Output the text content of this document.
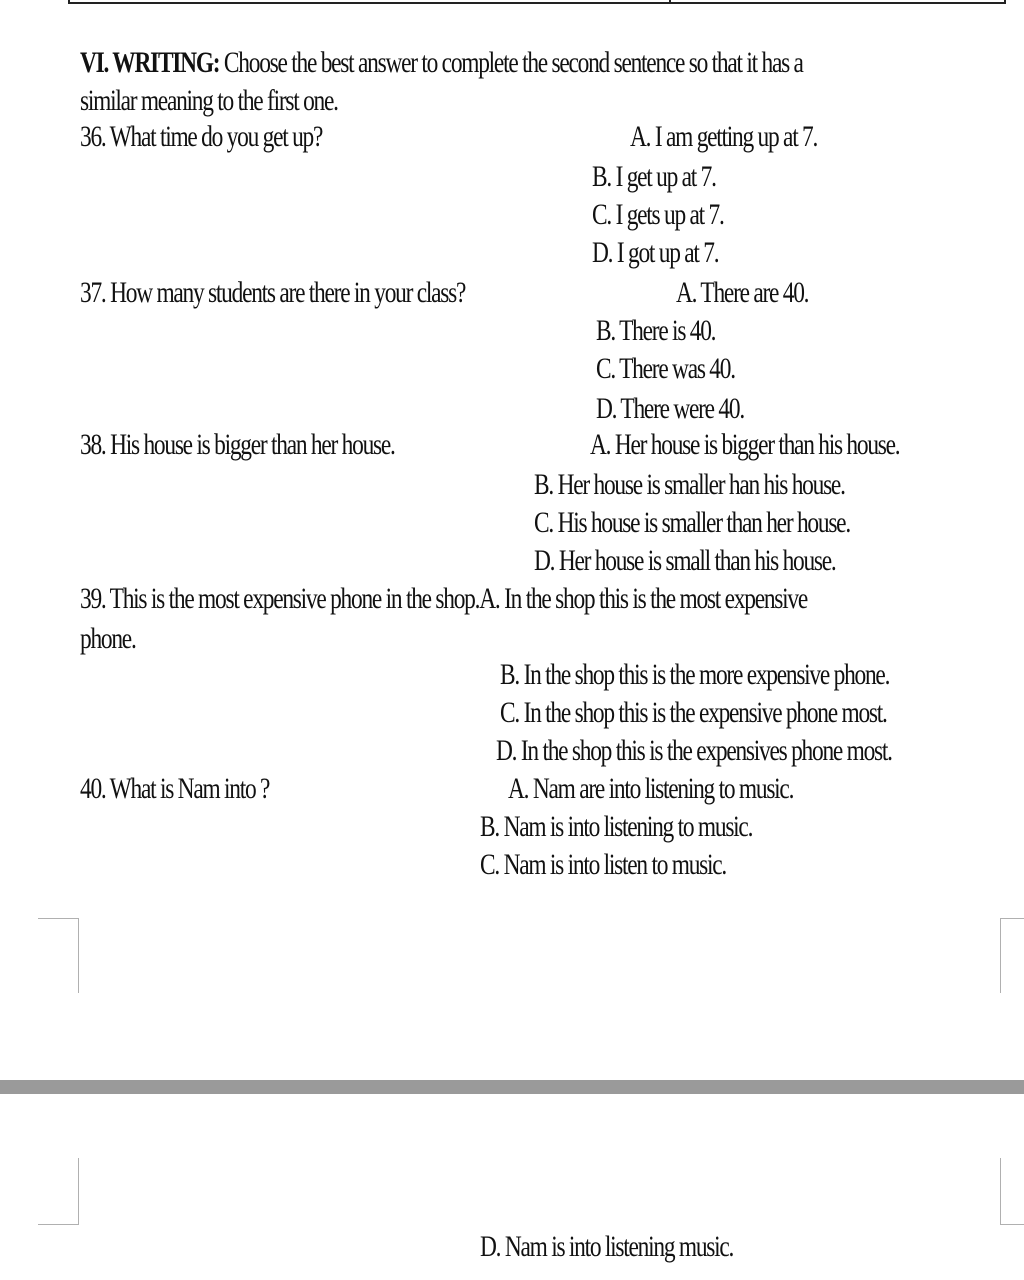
VI. WRITING: Choose the best answer to complete the second sentence so that it has a
similar meaning to the first one.
36. What time do you get up?	A. I am getting up at 7.
B. I get up at 7.
C. I gets up at 7.
D. I got up at 7.
37. How many students are there in your class?	A. There are 40.
B. There is 40.
C. There was 40.
D. There were 40.
38. His house is bigger than her house.	A. Her house is bigger than his house.
B. Her house is smaller han his house.
C. His house is smaller than her house.
D. Her house is small than his house.
39. This is the most expensive phone in the shop.A. In the shop this is the most expensive
phone.
B. In the shop this is the more expensive phone.
C. In the shop this is the expensive phone most.
D. In the shop this is the expensives phone most.
40. What is Nam into ?	A. Nam are into listening to music.
B. Nam is into listening to music.
C. Nam is into listen to music.
D. Nam is into listening music.
